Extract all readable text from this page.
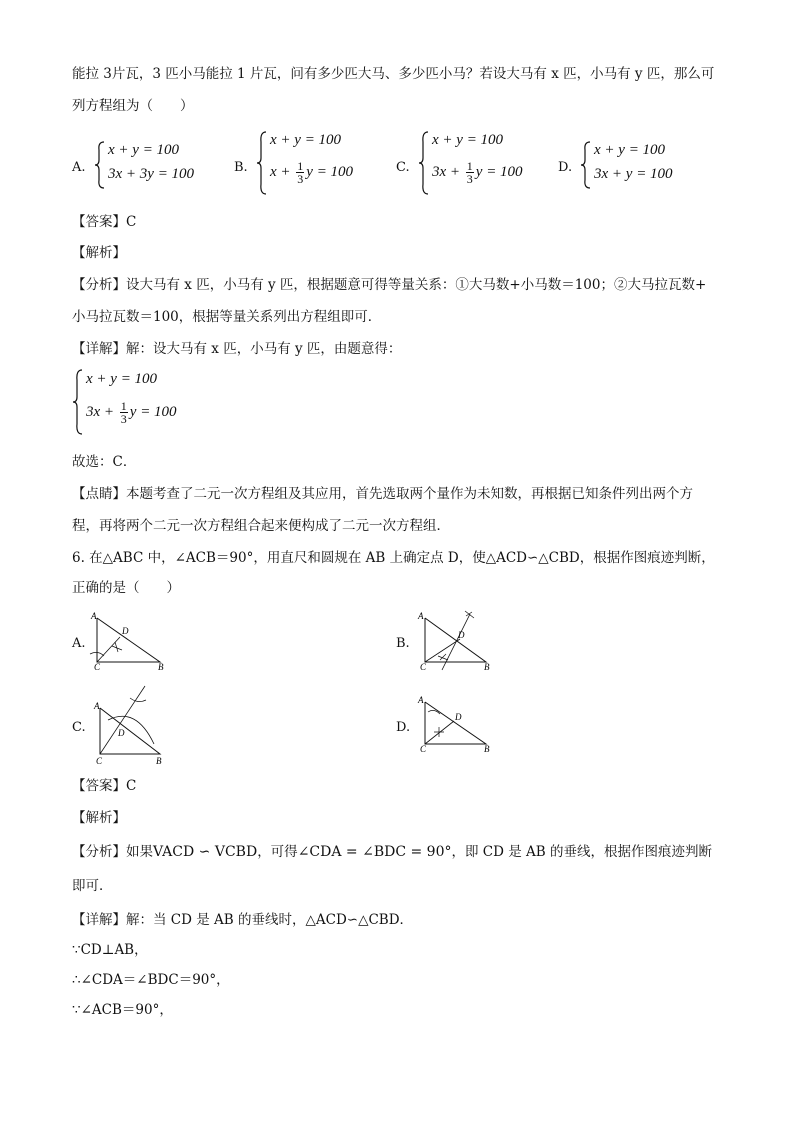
能拉 3片瓦，3 匹小马能拉 1 片瓦，问有多少匹大马、多少匹小马？若设大马有 x 匹，小马有 y 匹，那么可
列方程组为（　　）
A.
x + y = 100
3x + 3y = 100	B.
x + y = 100
$x + \frac{1}{3}$ y = 100	C.
x + y = 100
$3x + \frac{1}{3}$ y = 100	D.
x + y = 100
3x + y = 100
【答案】C
【解析】
【分析】设大马有 x 匹，小马有 y 匹，根据题意可得等量关系：①大马数+小马数＝100；②大马拉瓦数+
小马拉瓦数＝100，根据等量关系列出方程组即可．
【详解】解：设大马有 x 匹，小马有 y 匹，由题意得：
x + y = 100
$3x + \frac{1}{3}$ y = 100
故选：C．
【点睛】本题考查了二元一次方程组及其应用，首先选取两个量作为未知数，再根据已知条件列出两个方
程，再将两个二元一次方程组合起来便构成了二元一次方程组．
6. 在△ABC 中，∠ACB＝90°，用直尺和圆规在 AB 上确定点 D，使△ACD∽△CBD，根据作图痕迹判断，
正确的是（　　）
A.
A
D
C	B
B.
A
D
C	B
C.
A
D
C	B
D.
A
D
C	B
【答案】C
【解析】
【分析】如果VACD ∽ VCBD，可得∠CDA = ∠BDC = 90°，即 CD 是 AB 的垂线，根据作图痕迹判断
即可．
【详解】解：当 CD 是 AB 的垂线时，△ACD∽△CBD．
∵CD⊥AB，
∴∠CDA＝∠BDC＝90°，
∵∠ACB＝90°，
